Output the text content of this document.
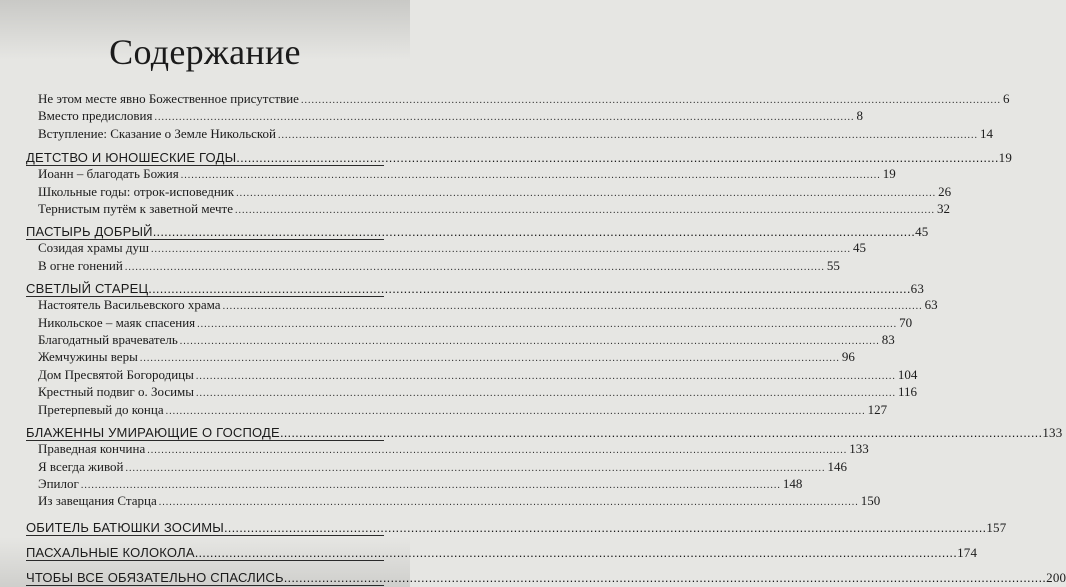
Содержание
Не этом месте явно Божественное присутствие ........................................................................................................................................................................................................ 6
Вместо предисловия ........................................................................................................................................................................................................ 8
Вступление: Сказание о Земле Никольской ........................................................................................................................................................................................................ 14
ДЕТСТВО И ЮНОШЕСКИЕ ГОДЫ ........................................................................................................................................................................................................ 19
Иоанн – благодать Божия ........................................................................................................................................................................................................ 19
Школьные годы: отрок-исповедник ........................................................................................................................................................................................................ 26
Тернистым путём к заветной мечте ........................................................................................................................................................................................................ 32
ПАСТЫРЬ ДОБРЫЙ ........................................................................................................................................................................................................ 45
Созидая храмы душ ........................................................................................................................................................................................................ 45
В огне гонений ........................................................................................................................................................................................................ 55
СВЕТЛЫЙ СТАРЕЦ ........................................................................................................................................................................................................ 63
Настоятель Васильевского храма ........................................................................................................................................................................................................ 63
Никольское – маяк спасения ........................................................................................................................................................................................................ 70
Благодатный врачеватель ........................................................................................................................................................................................................ 83
Жемчужины веры ........................................................................................................................................................................................................ 96
Дом Пресвятой Богородицы ........................................................................................................................................................................................................ 104
Крестный подвиг о. Зосимы ........................................................................................................................................................................................................ 116
Претерпевый до конца ........................................................................................................................................................................................................ 127
БЛАЖЕННЫ УМИРАЮЩИЕ О ГОСПОДЕ ........................................................................................................................................................................................................ 133
Праведная кончина ........................................................................................................................................................................................................ 133
Я всегда живой ........................................................................................................................................................................................................ 146
Эпилог ........................................................................................................................................................................................................ 148
Из завещания Старца ........................................................................................................................................................................................................ 150
ОБИТЕЛЬ БАТЮШКИ ЗОСИМЫ ........................................................................................................................................................................................................ 157
ПАСХАЛЬНЫЕ КОЛОКОЛА ........................................................................................................................................................................................................ 174
ЧТОБЫ ВСЕ ОБЯЗАТЕЛЬНО СПАСЛИСЬ ........................................................................................................................................................................................................ 200
